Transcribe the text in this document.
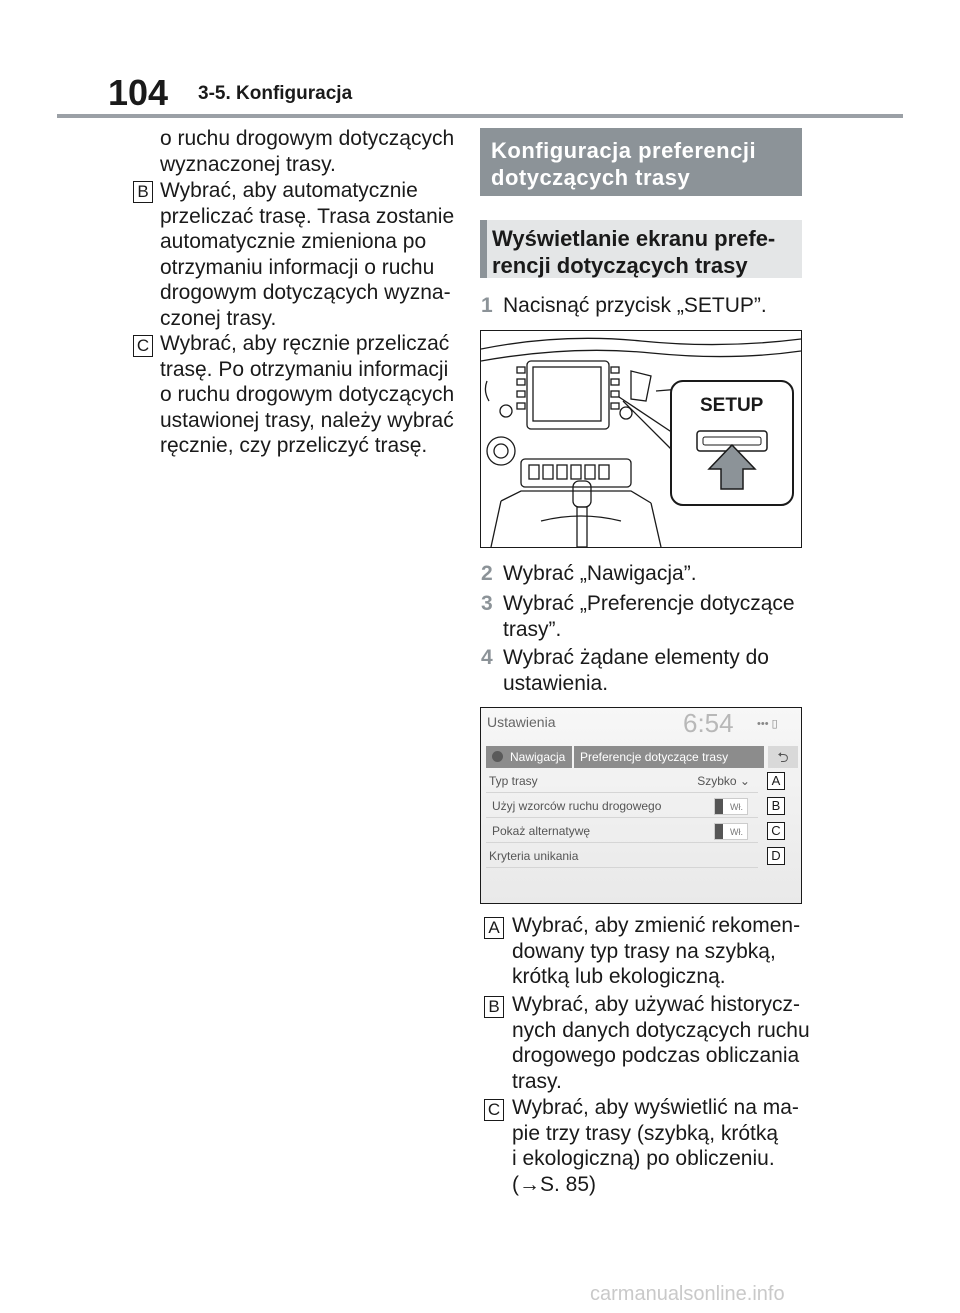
104 3-5. Konfiguracja
o ruchu drogowym dotyczących
wyznaczonej trasy.
B Wybrać, aby automatycznie
przeliczać trasę. Trasa zostanie
automatycznie zmieniona po
otrzymaniu informacji o ruchu
drogowym dotyczących wyzna-
czonej trasy.
C Wybrać, aby ręcznie przeliczać
trasę. Po otrzymaniu informacji
o ruchu drogowym dotyczących
ustawionej trasy, należy wybrać
ręcznie, czy przeliczyć trasę.
Konfiguracja preferencji
dotyczących trasy
Wyświetlanie ekranu prefe-
rencji dotyczących trasy
1 Nacisnąć przycisk „SETUP”.
SETUP
2 Wybrać „Nawigacja”.
3 Wybrać „Preferencje dotyczące
trasy”.
4 Wybrać żądane elementy do
ustawienia.
Ustawienia	6:54 ••• ▯
Nawigacja	Preferencje dotyczące trasy	⮌
Typ trasy	Szybko ⌄
Użyj wzorców ruchu drogowego	Wł.
Pokaż alternatywę	Wł.
Kryteria unikania
A
B
C
D
A Wybrać, aby zmienić rekomen-
dowany typ trasy na szybką,
krótką lub ekologiczną.
B Wybrać, aby używać historycz-
nych danych dotyczących ruchu
drogowego podczas obliczania
trasy.
C Wybrać, aby wyświetlić na ma-
pie trzy trasy (szybką, krótką
i ekologiczną) po obliczeniu.
(→S. 85)
carmanualsonline.info
